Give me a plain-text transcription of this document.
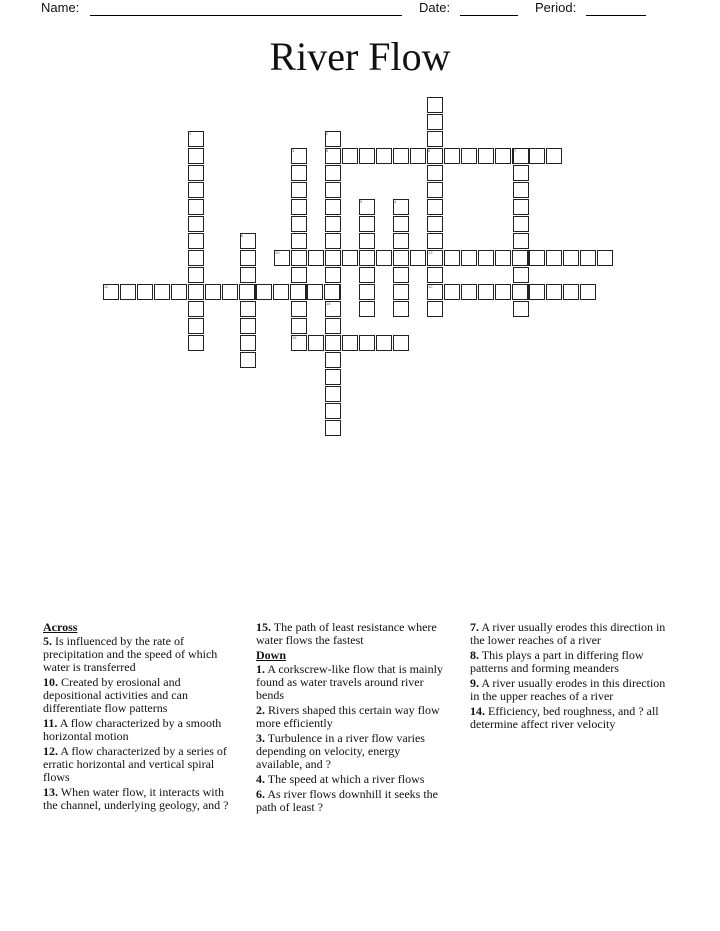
Name:	Date:	Period:
River Flow
1	2
3
4
5
6
7
8
9
10
11	12
13
14
15
Across
5. Is influenced by the rate of precipitation and the speed of which water is transferred
10. Created by erosional and depositional activities and can differentiate flow patterns
11. A flow characterized by a smooth horizontal motion
12. A flow characterized by a series of erratic horizontal and vertical spiral flows
13. When water flow, it interacts with the channel, underlying geology, and ?
15. The path of least resistance where water flows the fastest
Down
1. A corkscrew-like flow that is mainly found as water travels around river bends
2. Rivers shaped this certain way flow more efficiently
3. Turbulence in a river flow varies depending on velocity, energy available, and ?
4. The speed at which a river flows
6. As river flows downhill it seeks the path of least ?
7. A river usually erodes this direction in the lower reaches of a river
8. This plays a part in differing flow patterns and forming meanders
9. A river usually erodes in this direction in the upper reaches of a river
14. Efficiency, bed roughness, and ? all determine affect river velocity
